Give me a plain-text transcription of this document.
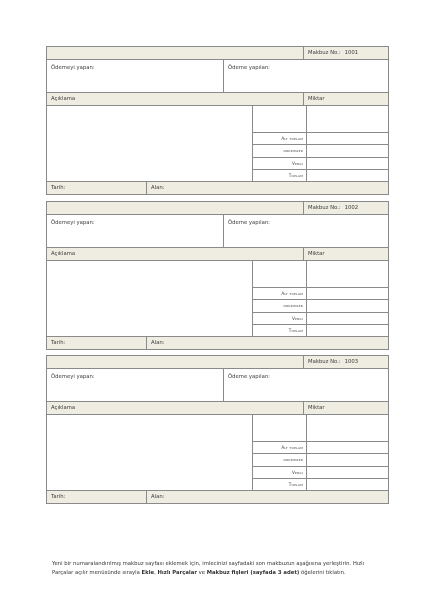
Makbuz No.: 1001
Ödemeyi yapan:	Ödeme yapılan:
Açıklama	Miktar
Alt toplam
indirimler
Vergi
Toplam
Tarih:	Alan:
Makbuz No.: 1002
Ödemeyi yapan:	Ödeme yapılan:
Açıklama	Miktar
Alt toplam
indirimler
Vergi
Toplam
Tarih:	Alan:
Makbuz No.: 1003
Ödemeyi yapan:	Ödeme yapılan:
Açıklama	Miktar
Alt toplam
indirimler
Vergi
Toplam
Tarih:	Alan:
Yeni bir numaralandırılmış makbuz sayfası eklemek için, imlecinizi sayfadaki son makbuzun aşağısına yerleştirin. Hızlı Parçalar açılır menüsünde sırayla Ekle, Hızlı Parçalar ve Makbuz fişleri (sayfada 3 adet) öğelerini tıklatın.
